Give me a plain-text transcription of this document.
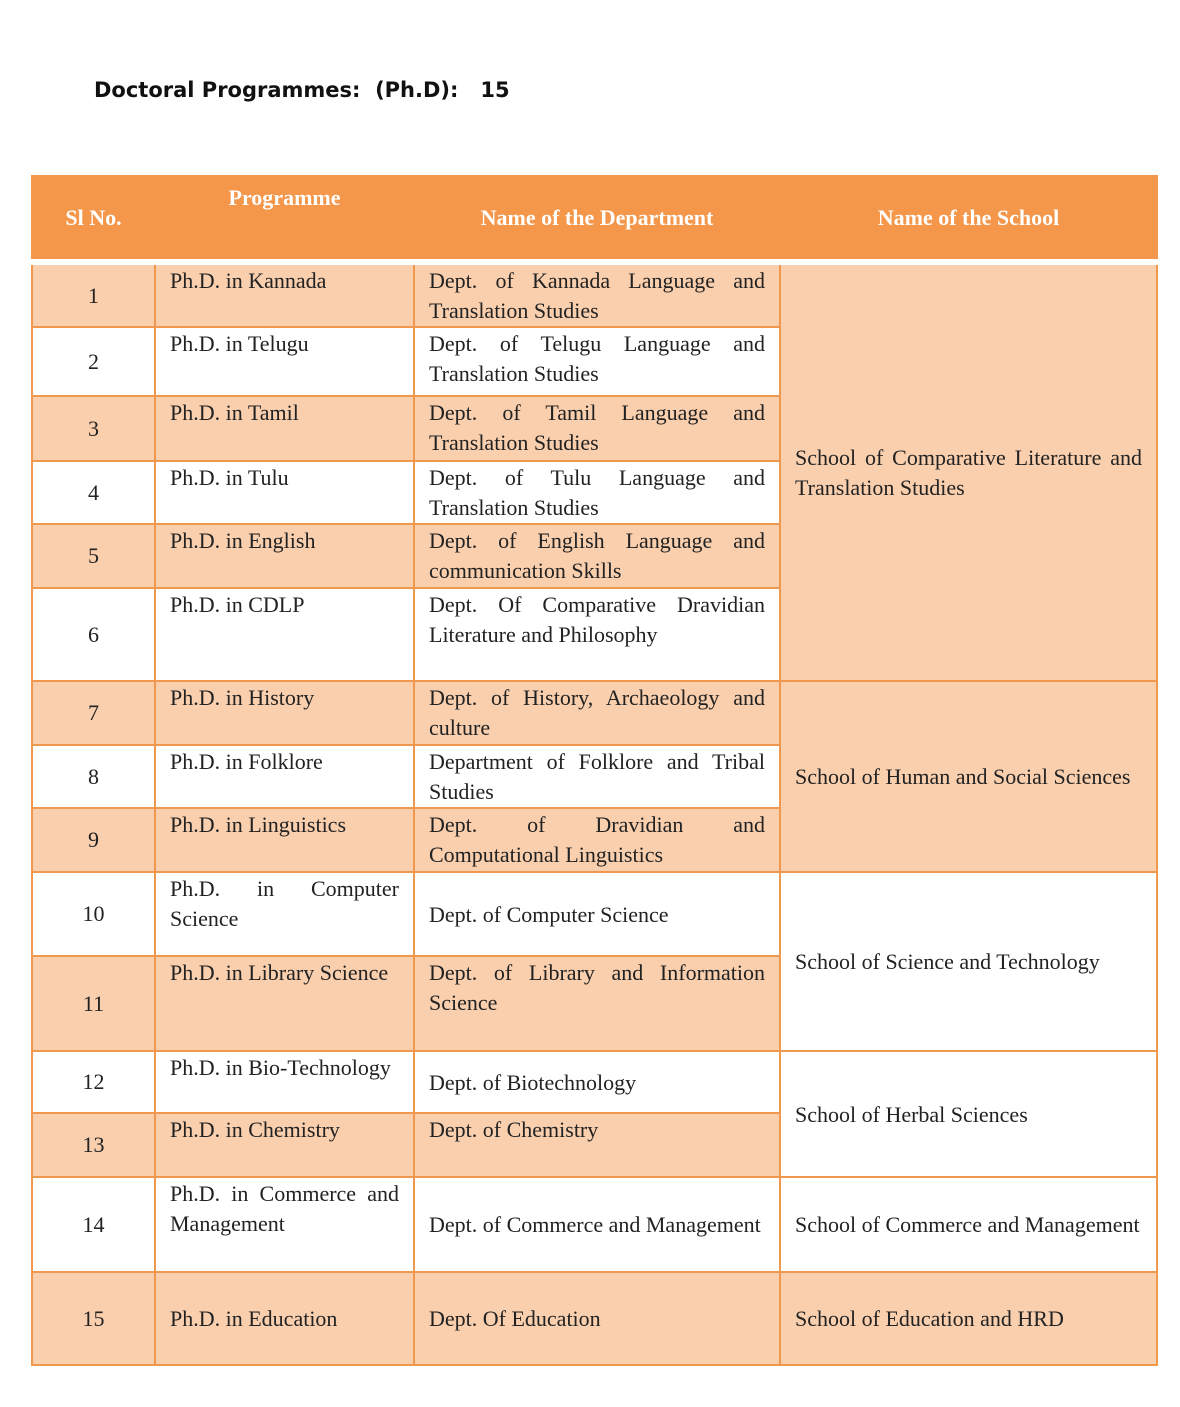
Doctoral Programmes:  (Ph.D):   15
Sl No.	Programme	Name of the Department	Name of the School
1	Ph.D. in Kannada	Dept. of Kannada Language and Translation Studies	School of Comparative Literature and Translation Studies
2	Ph.D. in Telugu	Dept. of Telugu Language and Translation Studies	
3	Ph.D. in Tamil	Dept. of Tamil Language and Translation Studies	
4	Ph.D. in Tulu	Dept. of Tulu Language and Translation Studies	
5	Ph.D. in English	Dept. of English Language and communication Skills	
6	Ph.D. in CDLP	Dept. Of Comparative Dravidian Literature and Philosophy	
7	Ph.D. in History	Dept. of History, Archaeology and culture	School of Human and Social Sciences
8	Ph.D. in Folklore	Department of Folklore and Tribal Studies	
9	Ph.D. in Linguistics	Dept. of Dravidian and Computational Linguistics	
10	Ph.D. in Computer Science	Dept. of Computer Science	School of Science and Technology
11	Ph.D. in Library Science	Dept. of Library and Information Science	
12	Ph.D. in Bio-Technology	Dept. of Biotechnology	School of Herbal Sciences
13	Ph.D. in Chemistry	Dept. of Chemistry	
14	Ph.D. in Commerce and Management	Dept. of Commerce and Management	School of Commerce and Management
15	Ph.D. in Education	Dept. Of Education	School of Education and HRD
